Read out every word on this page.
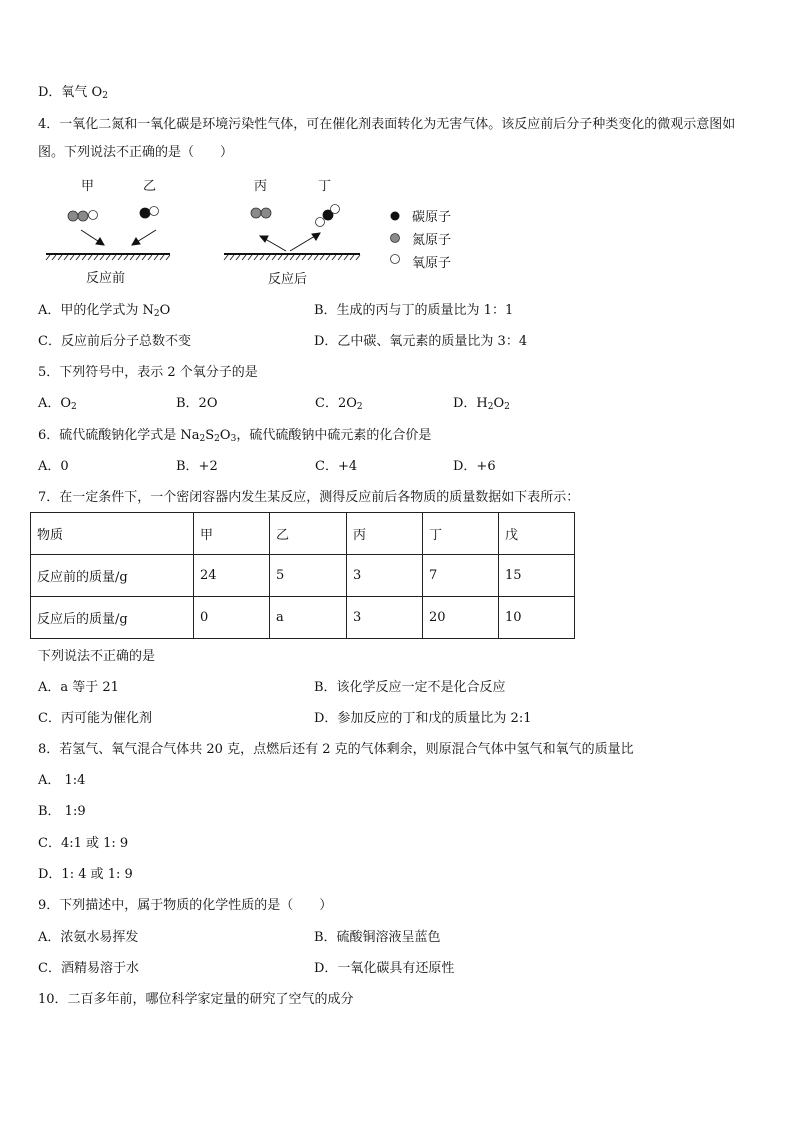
D．氧气 $O_2$
4．一氧化二氮和一氧化碳是环境污染性气体，可在催化剂表面转化为无害气体。该反应前后分子种类变化的微观示意图如图。下列说法不正确的是（　　）
甲	乙	丙	丁
反应前	反应后
碳原子
氮原子
氧原子
A．甲的化学式为 $N_2O$	B．生成的丙与丁的质量比为 1：1
C．反应前后分子总数不变	D．乙中碳、氧元素的质量比为 3：4
5．下列符号中，表示 2 个氧分子的是
A．$O_2$	B．2O	C．$2O_2$	D．$H_2O_2$
6．硫代硫酸钠化学式是 $Na_2S_2O_3$，硫代硫酸钠中硫元素的化合价是
A．0	B．+2	C．+4	D．+6
7．在一定条件下，一个密闭容器内发生某反应，测得反应前后各物质的质量数据如下表所示：
物质	甲	乙	丙	丁	戊
反应前的质量/g	24	5	3	7	15
反应后的质量/g	0	a	3	20	10
下列说法不正确的是
A．a 等于 21	B．该化学反应一定不是化合反应
C．丙可能为催化剂	D．参加反应的丁和戊的质量比为 2:1
8．若氢气、氧气混合气体共 20 克，点燃后还有 2 克的气体剩余，则原混合气体中氢气和氧气的质量比
A． 1:4
B． 1:9
C．4:1 或 1: 9
D．1: 4 或 1: 9
9．下列描述中，属于物质的化学性质的是（　　）
A．浓氨水易挥发	B．硫酸铜溶液呈蓝色
C．酒精易溶于水	D．一氧化碳具有还原性
10．二百多年前，哪位科学家定量的研究了空气的成分
